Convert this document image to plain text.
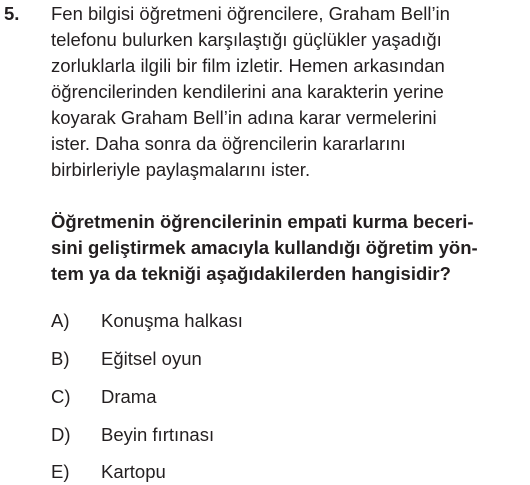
5. Fen bilgisi öğretmeni öğrencilere, Graham Bell’in
telefonu bulurken karşılaştığı güçlükler yaşadığı
zorluklarla ilgili bir film izletir. Hemen arkasından
öğrencilerinden kendilerini ana karakterin yerine
koyarak Graham Bell’in adına karar vermelerini
ister. Daha sonra da öğrencilerin kararlarını
birbirleriyle paylaşmalarını ister.
Öğretmenin öğrencilerinin empati kurma beceri-
sini geliştirmek amacıyla kullandığı öğretim yön-
tem ya da tekniği aşağıdakilerden hangisidir?
A) Konuşma halkası
B) Eğitsel oyun
C) Drama
D) Beyin fırtınası
E) Kartopu
